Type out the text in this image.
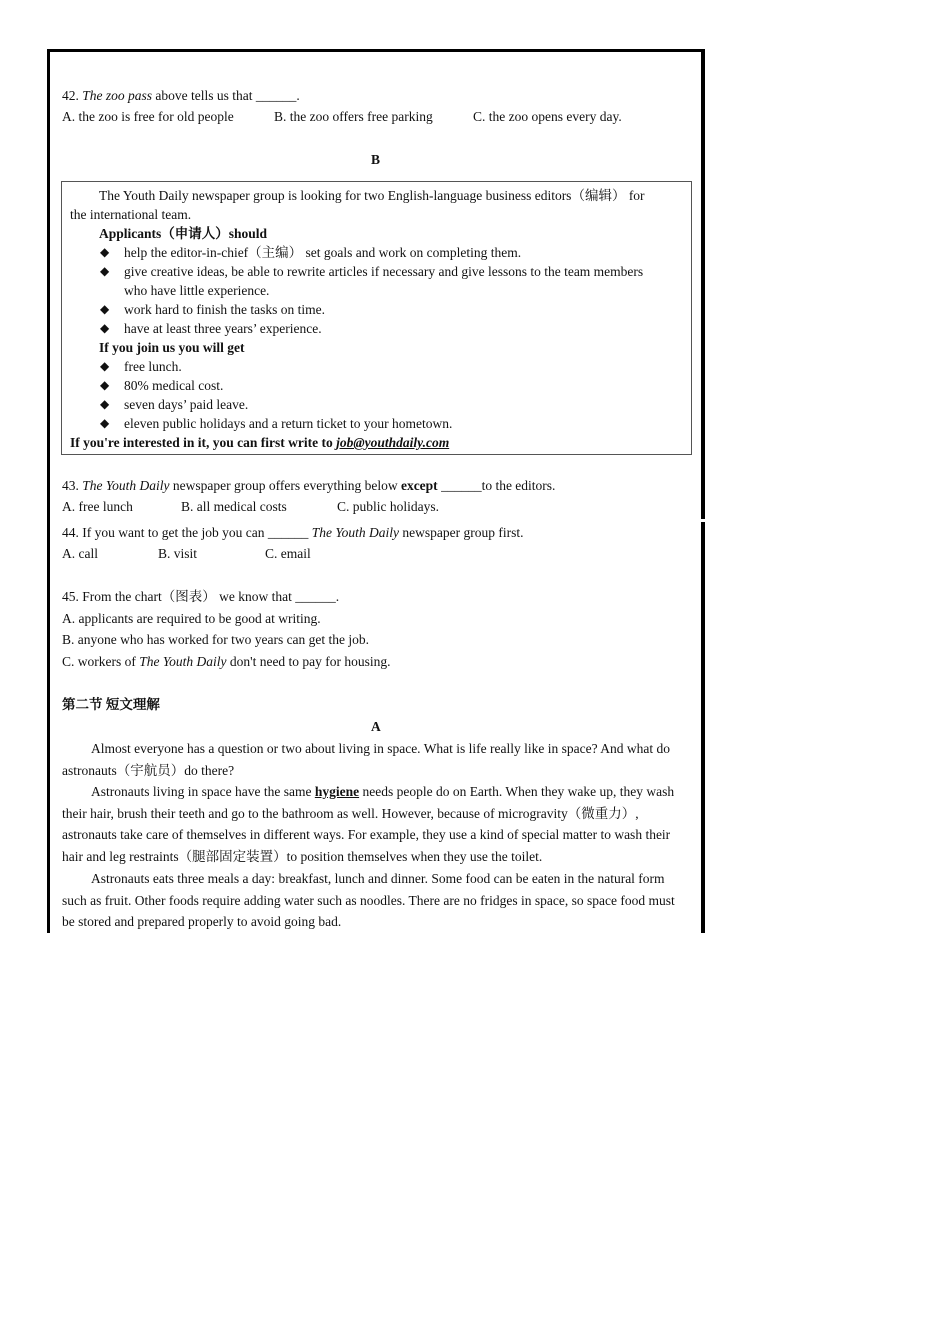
42. The zoo pass above tells us that ______.
A. the zoo is free for old people	B. the zoo offers free parking	C. the zoo opens every day.
B
The Youth Daily newspaper group is looking for two English-language business editors（编辑） for
the international team.
Applicants（申请人）should
◆ help the editor-in-chief（主编） set goals and work on completing them.
◆ give creative ideas, be able to rewrite articles if necessary and give lessons to the team members
who have little experience.
◆ work hard to finish the tasks on time.
◆ have at least three years’ experience.
If you join us you will get
◆ free lunch.
◆ 80% medical cost.
◆ seven days’ paid leave.
◆ eleven public holidays and a return ticket to your hometown.
If you're interested in it, you can first write to job@youthdaily.com
43. The Youth Daily newspaper group offers everything below except ______to the editors.
A. free lunch	B. all medical costs	C. public holidays.
44. If you want to get the job you can ______ The Youth Daily newspaper group first.
A. call	B. visit	C. email
45. From the chart（图表） we know that ______.
A. applicants are required to be good at writing.
B. anyone who has worked for two years can get the job.
C. workers of The Youth Daily don't need to pay for housing.
第二节 短文理解
A
Almost everyone has a question or two about living in space. What is life really like in space? And what do astronauts（宇航员）do there?
Astronauts living in space have the same hygiene needs people do on Earth. When they wake up, they wash their hair, brush their teeth and go to the bathroom as well. However, because of microgravity（微重力）, astronauts take care of themselves in different ways. For example, they use a kind of special matter to wash their hair and leg restraints（腿部固定装置）to position themselves when they use the toilet.
Astronauts eats three meals a day: breakfast, lunch and dinner. Some food can be eaten in the natural form such as fruit. Other foods require adding water such as noodles. There are no fridges in space, so space food must be stored and prepared properly to avoid going bad.
